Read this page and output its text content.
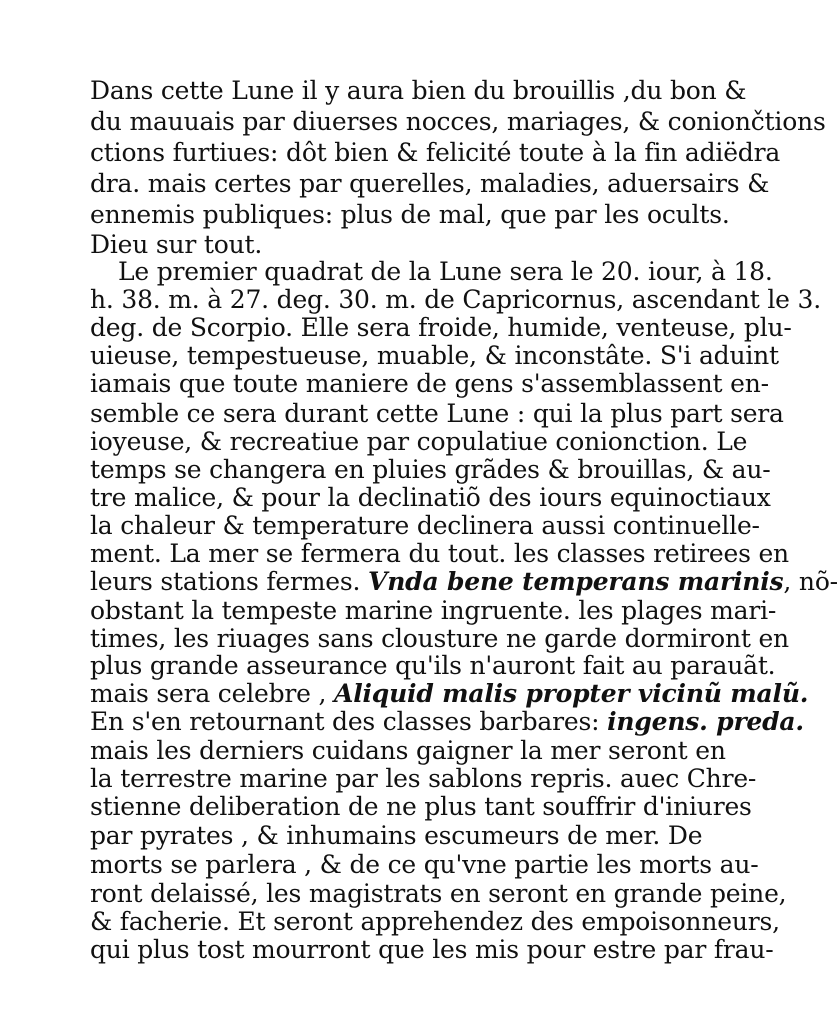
Dans cette Lune il y aura bien du brouillis ,du bon &
du mauuais par diuerses nocces, mariages, & coniončtions
ctions furtiues: dôt bien & felicité toute à la fin adiëdra
dra. mais certes par querelles, maladies, aduersairs &
ennemis publiques: plus de mal, que par les ocults.
Dieu sur tout.
Le premier quadrat de la Lune sera le 20. iour, à 18.
h. 38. m. à 27. deg. 30. m. de Capricornus, ascendant le 3.
deg. de Scorpio. Elle sera froide, humide, venteuse, plu-
uieuse, tempestueuse, muable, & inconstâte. S'i aduint
iamais que toute maniere de gens s'assemblassent en-
semble ce sera durant cette Lune : qui la plus part sera
ioyeuse, & recreatiue par copulatiue conionction. Le
temps se changera en pluies grãdes & brouillas, & au-
tre malice, & pour la declinatiõ des iours equinoctiaux
la chaleur & temperature declinera aussi continuelle-
ment. La mer se fermera du tout. les classes retirees en
leurs stations fermes. Vnda bene temperans marinis, nõ-
obstant la tempeste marine ingruente. les plages mari-
times, les riuages sans clousture ne garde dormiront en
plus grande asseurance qu'ils n'auront fait au parauãt.
mais sera celebre , Aliquid malis propter vicinũ malũ.
En s'en retournant des classes barbares: ingens. preda.
mais les derniers cuidans gaigner la mer seront en
la terrestre marine par les sablons repris. auec Chre-
stienne deliberation de ne plus tant souffrir d'iniures
par pyrates , & inhumains escumeurs de mer. De
morts se parlera , & de ce qu'vne partie les morts au-
ront delaissé, les magistrats en seront en grande peine,
& facherie. Et seront apprehendez des empoisonneurs,
qui plus tost mourront que les mis pour estre par frau-
